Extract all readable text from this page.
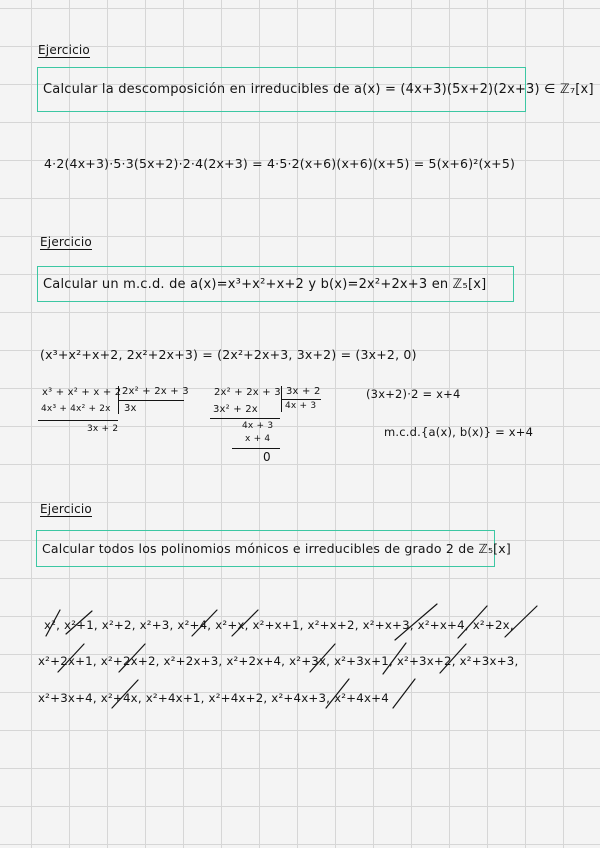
Ejercicio
Calcular la descomposición en irreducibles de a(x) = (4x+3)(5x+2)(2x+3) ∈ ℤ₇[x]
4·2(4x+3)·5·3(5x+2)·2·4(2x+3) = 4·5·2(x+6)(x+6)(x+5) = 5(x+6)²(x+5)
Ejercicio
Calcular un m.c.d. de a(x)=x³+x²+x+2 y b(x)=2x²+2x+3 en ℤ₅[x]
(x³+x²+x+2, 2x²+2x+3) = (2x²+2x+3, 3x+2) = (3x+2, 0)
x³ + x² + x + 2 2x² + 2x + 3
3x
4x³ + 4x² + 2x
3x + 2
2x² + 2x + 3 3x + 2
4x + 3
3x² + 2x
4x + 3
x + 4
0
(3x+2)·2 = x+4
m.c.d.{a(x), b(x)} = x+4
Ejercicio
Calcular todos los polinomios mónicos e irreducibles de grado 2 de ℤ₅[x]
x², x²+1, x²+2, x²+3, x²+4, x²+x, x²+x+1, x²+x+2, x²+x+3, x²+x+4, x²+2x,
x²+2x+1, x²+2x+2, x²+2x+3, x²+2x+4, x²+3x, x²+3x+1, x²+3x+2, x²+3x+3,
x²+3x+4, x²+4x, x²+4x+1, x²+4x+2, x²+4x+3, x²+4x+4
